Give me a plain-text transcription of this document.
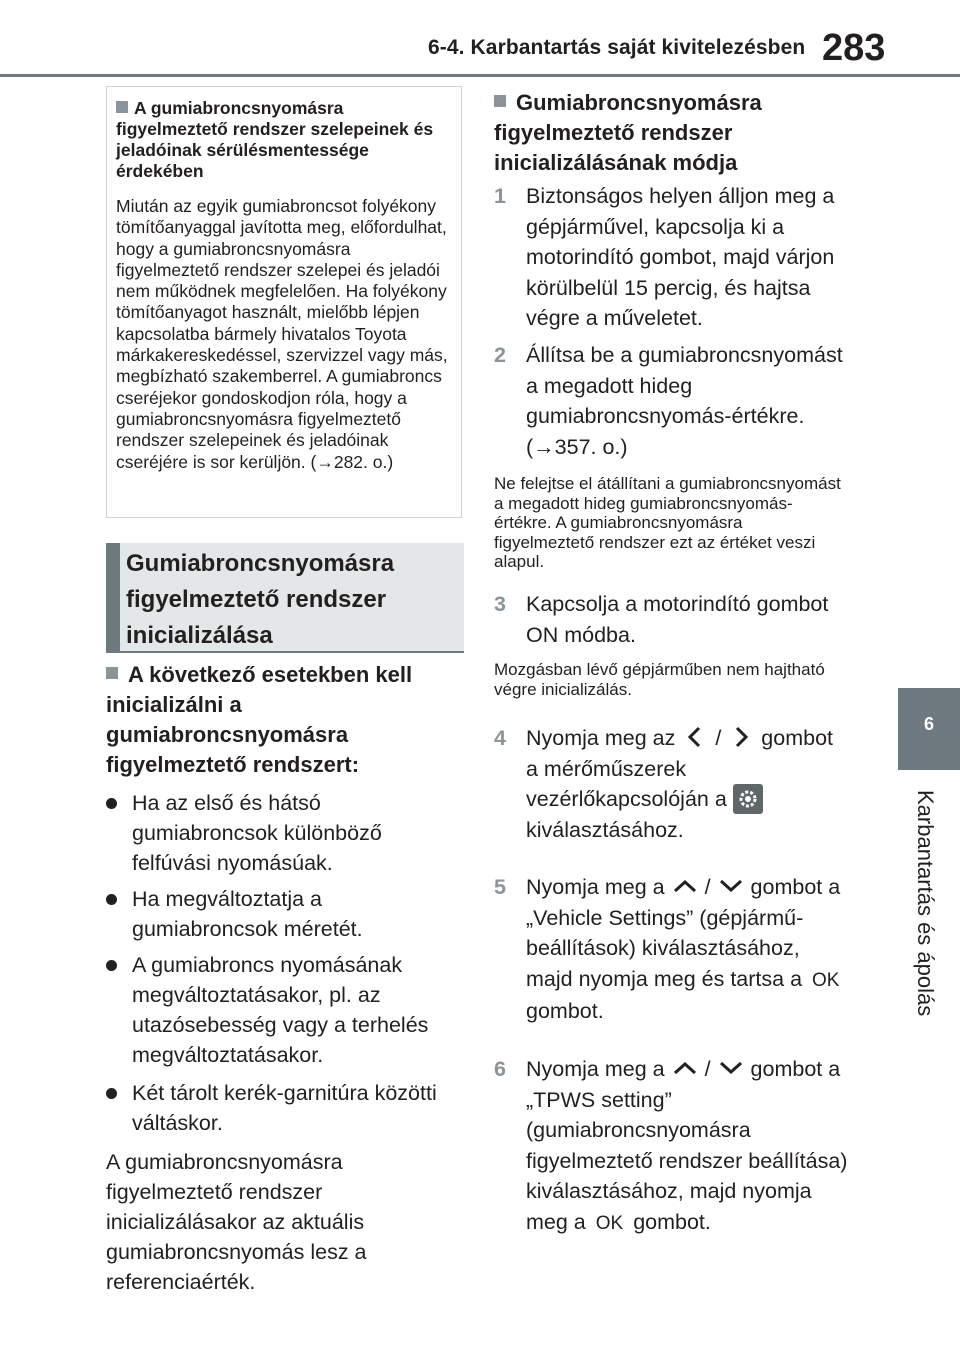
6-4. Karbantartás saját kivitelezésben 283
6
Karbantartás és ápolás
A gumiabroncsnyomásra figyelmeztető rendszer szelepeinek és jeladóinak sérülésmentessége érdekében
Miután az egyik gumiabroncsot folyékony tömítőanyaggal javította meg, előfordulhat, hogy a gumiabroncsnyomásra figyelmeztető rendszer szelepei és jeladói nem működnek megfelelően. Ha folyékony tömítőanyagot használt, mielőbb lépjen kapcsolatba bármely hivatalos Toyota márkakereskedéssel, szervizzel vagy más, megbízható szakemberrel. A gumiabroncs cseréjekor gondoskodjon róla, hogy a gumiabroncsnyomásra figyelmeztető rendszer szelepeinek és jeladóinak cseréjére is sor kerüljön. (→282. o.)
Gumiabroncsnyomásra figyelmeztető rendszer inicializálása
A következő esetekben kell inicializálni a gumiabroncsnyomásra figyelmeztető rendszert:
Ha az első és hátsó gumiabroncsok különböző felfúvási nyomásúak.
Ha megváltoztatja a gumiabroncsok méretét.
A gumiabroncs nyomásának megváltoztatásakor, pl. az utazósebesség vagy a terhelés megváltoztatásakor.
Két tárolt kerék-garnitúra közötti váltáskor.
A gumiabroncsnyomásra figyelmeztető rendszer inicializálásakor az aktuális gumiabroncsnyomás lesz a referenciaérték.
Gumiabroncsnyomásra figyelmeztető rendszer inicializálásának módja
1 Biztonságos helyen álljon meg a gépjárművel, kapcsolja ki a motorindító gombot, majd várjon körülbelül 15 percig, és hajtsa végre a műveletet.
2 Állítsa be a gumiabroncsnyomást a megadott hideg gumiabroncsnyomás-értékre. (→357. o.)
Ne felejtse el átállítani a gumiabroncsnyomást a megadott hideg gumiabroncsnyomás-értékre. A gumiabroncsnyomásra figyelmeztető rendszer ezt az értéket veszi alapul.
3 Kapcsolja a motorindító gombot ON módba.
Mozgásban lévő gépjárműben nem hajtható végre inicializálás.
4 Nyomja meg az / gombot a mérőműszerek vezérlőkapcsolóján a  kiválasztásához.
5 Nyomja meg a / gombot a „Vehicle Settings” (gépjármű-beállítások) kiválasztásához, majd nyomja meg és tartsa a OK gombot.
6 Nyomja meg a / gombot a „TPWS setting” (gumiabroncsnyomásra figyelmeztető rendszer beállítása) kiválasztásához, majd nyomja meg a OK gombot.
